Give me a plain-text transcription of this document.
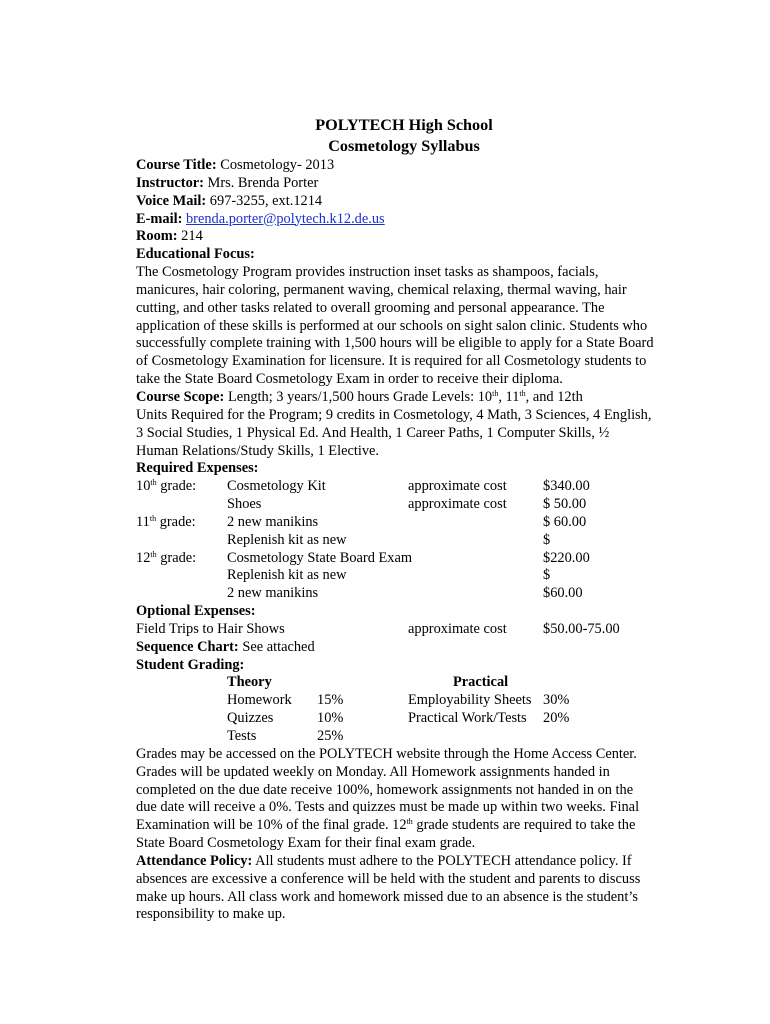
POLYTECH High School
Cosmetology Syllabus
Course Title: Cosmetology- 2013
Instructor: Mrs. Brenda Porter
Voice Mail: 697-3255, ext.1214
E-mail: brenda.porter@polytech.k12.de.us
Room: 214
Educational Focus:
The Cosmetology Program provides instruction inset tasks as shampoos, facials,
manicures, hair coloring, permanent waving, chemical relaxing, thermal waving, hair
cutting, and other tasks related to overall grooming and personal appearance. The
application of these skills is performed at our schools on sight salon clinic. Students who
successfully complete training with 1,500 hours will be eligible to apply for a State Board
of Cosmetology Examination for licensure. It is required for all Cosmetology students to
take the State Board Cosmetology Exam in order to receive their diploma.
Course Scope: Length; 3 years/1,500 hours Grade Levels: 10th, 11th, and 12th
Units Required for the Program; 9 credits in Cosmetology, 4 Math, 3 Sciences, 4 English,
3 Social Studies, 1 Physical Ed. And Health, 1 Career Paths, 1 Computer Skills, ½
Human Relations/Study Skills, 1 Elective.
Required Expenses:
10th grade: Cosmetology Kit	approximate cost	$340.00
Shoes	approximate cost	$ 50.00
11th grade: 2 new manikins	$ 60.00
Replenish kit as new	$
12th grade: Cosmetology State Board Exam	$220.00
Replenish kit as new	$
2 new manikins	$60.00
Optional Expenses:
Field Trips to Hair Shows	approximate cost	$50.00-75.00
Sequence Chart: See attached
Student Grading:
Theory	Practical
Homework 15%	Employability Sheets 30%
Quizzes	10%	Practical Work/Tests 20%
Tests	25%
Grades may be accessed on the POLYTECH website through the Home Access Center.
Grades will be updated weekly on Monday. All Homework assignments handed in
completed on the due date receive 100%, homework assignments not handed in on the
due date will receive a 0%. Tests and quizzes must be made up within two weeks. Final
Examination will be 10% of the final grade. 12th grade students are required to take the
State Board Cosmetology Exam for their final exam grade.
Attendance Policy: All students must adhere to the POLYTECH attendance policy. If
absences are excessive a conference will be held with the student and parents to discuss
make up hours. All class work and homework missed due to an absence is the student’s
responsibility to make up.
